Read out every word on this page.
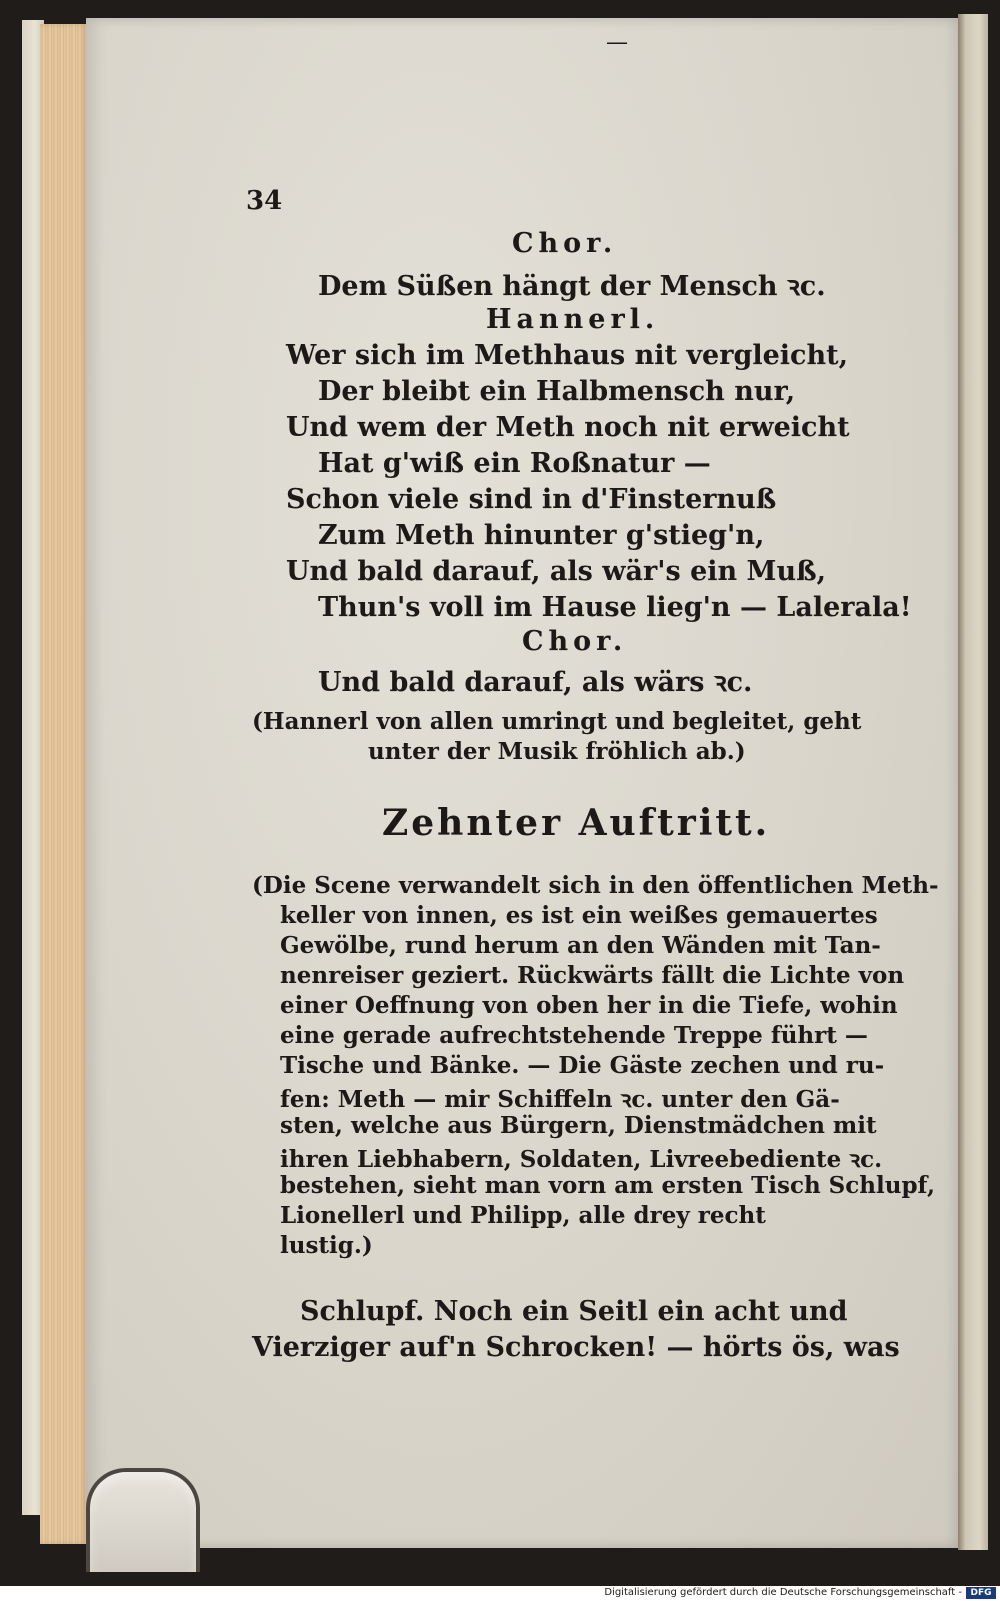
—
34
Chor.
Dem Süßen hängt der Mensch ꝛc.
Hannerl.
Wer sich im Methhaus nit vergleicht,
Der bleibt ein Halbmensch nur,
Und wem der Meth noch nit erweicht
Hat g'wiß ein Roßnatur —
Schon viele sind in d'Finsternuß
Zum Meth hinunter g'stieg'n,
Und bald darauf, als wär's ein Muß,
Thun's voll im Hause lieg'n — Lalerala!
Chor.
Und bald darauf, als wärs ꝛc.
(Hannerl von allen umringt und begleitet, geht
unter der Musik fröhlich ab.)
Zehnter Auftritt.
(Die Scene verwandelt sich in den öffentlichen Meth-
keller von innen, es ist ein weißes gemauertes
Gewölbe, rund herum an den Wänden mit Tan-
nenreiser geziert. Rückwärts fällt die Lichte von
einer Oeffnung von oben her in die Tiefe, wohin
eine gerade aufrechtstehende Treppe führt —
Tische und Bänke. — Die Gäste zechen und ru-
fen: Meth — mir Schiffeln ꝛc. unter den Gä-
sten, welche aus Bürgern, Dienstmädchen mit
ihren Liebhabern, Soldaten, Livreebediente ꝛc.
bestehen, sieht man vorn am ersten Tisch Schlupf,
Lionellerl und Philipp, alle drey recht
lustig.)
Schlupf. Noch ein Seitl ein acht und
Vierziger auf'n Schrocken! — hörts ös, was
Digitalisierung gefördert durch die Deutsche Forschungsgemeinschaft - DFG
